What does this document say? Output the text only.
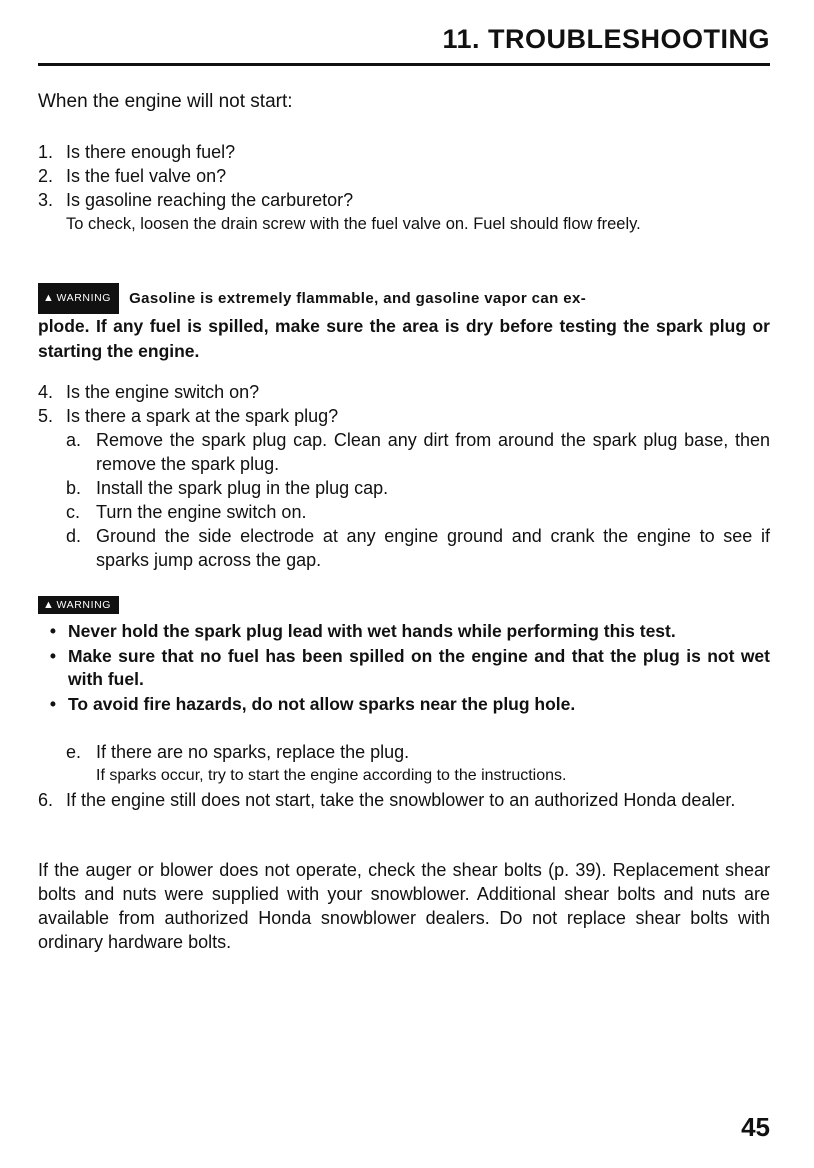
11. TROUBLESHOOTING
When the engine will not start:
1. Is there enough fuel?
2. Is the fuel valve on?
3. Is gasoline reaching the carburetor?
To check, loosen the drain screw with the fuel valve on. Fuel should flow freely.
▲ WARNING Gasoline is extremely flammable, and gasoline vapor can ex-
plode. If any fuel is spilled, make sure the area is dry before testing the spark plug or starting the engine.
4. Is the engine switch on?
5. Is there a spark at the spark plug?
a. Remove the spark plug cap. Clean any dirt from around the spark plug base, then remove the spark plug.
b. Install the spark plug in the plug cap.
c. Turn the engine switch on.
d. Ground the side electrode at any engine ground and crank the engine to see if sparks jump across the gap.
▲ WARNING
• Never hold the spark plug lead with wet hands while performing this test.
• Make sure that no fuel has been spilled on the engine and that the plug is not wet with fuel.
• To avoid fire hazards, do not allow sparks near the plug hole.
e. If there are no sparks, replace the plug.
If sparks occur, try to start the engine according to the instructions.
6. If the engine still does not start, take the snowblower to an authorized Honda dealer.
If the auger or blower does not operate, check the shear bolts (p. 39). Replacement shear bolts and nuts were supplied with your snowblower. Additional shear bolts and nuts are available from authorized Honda snowblower dealers. Do not replace shear bolts with ordinary hardware bolts.
45
